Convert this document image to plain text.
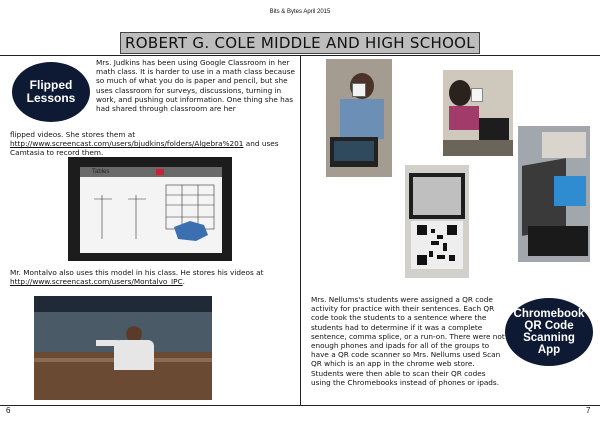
Bits & Bytes April 2015
ROBERT G. COLE MIDDLE AND HIGH SCHOOL
Flipped
Lessons
Mrs. Judkins has been using Google Classroom in her math class. It is harder to use in a math class because so much of what you do is paper and pencil, but she uses classroom for surveys, discussions, turning in work, and pushing out information. One thing she has had shared through classroom are her
flipped videos. She stores them at http://www.screencast.com/users/bjudkins/folders/Algebra%201 and uses Camtasia to record them.
Tables
Mr. Montalvo also uses this model in his class. He stores his videos at http://www.screencast.com/users/Montalvo_IPC.
6
Chromebook
QR Code
Scanning
App
Mrs. Nellums's students were assigned a QR code activity for practice with their sentences. Each QR code took the students to a sentence where the students had to determine if it was a complete sentence, comma splice, or a run-on. There were not enough phones and ipads for all of the groups to have a QR code scanner so Mrs. Nellums used Scan QR which is an app in the chrome web store. Students were then able to scan their QR codes using the Chromebooks instead of phones or ipads.
7
